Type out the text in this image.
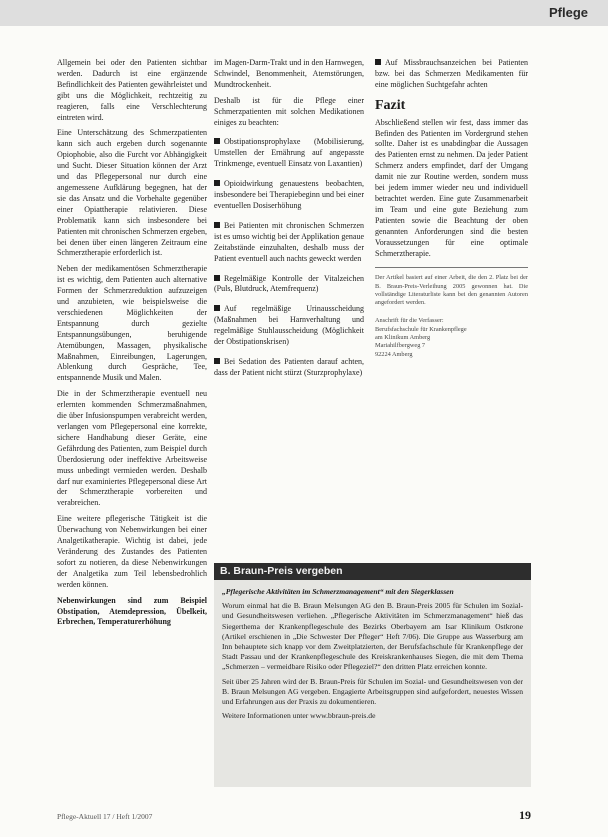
Pflege

Allgemein bei oder den Patienten sichtbar werden. Dadurch ist eine ergänzende Befindlichkeit des Patienten gewährleistet und gibt uns die Möglichkeit, rechtzeitig zu reagieren, falls eine Verschlechterung eintreten wird.

Eine Unterschätzung des Schmerzpatienten kann sich auch ergeben durch sogenannte Opiophobie, also die Furcht vor Abhängigkeit und Sucht. Dieser Situation können der Arzt und das Pflegepersonal nur durch eine angemessene Aufklärung begegnen, hat der sie das Ansatz und die Vorbehalte gegenüber einer Opiattherapie relativieren. Diese Problematik kann sich insbesondere bei Patienten mit chronischen Schmerzen ergeben, bei denen über einen längeren Zeitraum eine Schmerztherapie erforderlich ist.

Neben der medikamentösen Schmerztherapie ist es wichtig, dem Patienten auch alternative Formen der Schmerzreduktion aufzuzeigen und anzubieten, wie beispielsweise die verschiedenen Möglichkeiten der Entspannung durch gezielte Entspannungsübungen, beruhigende Atemübungen, Massagen, physikalische Maßnahmen, Einreibungen, Lagerungen, Ablenkung durch Gespräche, Tee, entspannende Musik und Malen.

Die in der Schmerztherapie eventuell neu erlernten kommenden Schmerzmaßnahmen, die über Infusionspumpen verabreicht werden, verlangen vom Pflegepersonal eine korrekte, sichere Handhabung dieser Geräte, eine Gefährdung des Patienten, zum Beispiel durch Überdosierung oder ineffektive Arbeitsweise muss unbedingt vermieden werden. Deshalb darf nur examiniertes Pflegepersonal diese Art der Schmerztherapie vorbereiten und verabreichen.

Eine weitere pflegerische Tätigkeit ist die Überwachung von Nebenwirkungen bei einer Analgetikatherapie. Wichtig ist dabei, jede Veränderung des Zustandes des Patienten sofort zu notieren, da diese Nebenwirkungen der Analgetika zum Teil lebensbedrohlich werden können.

Nebenwirkungen sind zum Beispiel Obstipation, Atemdepression, Übelkeit, Erbrechen, Temperaturerhöhung

im Magen-Darm-Trakt und in den Harnwegen, Schwindel, Benommenheit, Atemstörungen, Mundtrockenheit.

Deshalb ist für die Pflege einer Schmerzpatienten mit solchen Medikationen einiges zu beachten:

Obstipationsprophylaxe (Mobilisierung, Umstellen der Ernährung auf angepasste Trinkmenge, eventuell Einsatz von Laxantien)

Opioidwirkung genauestens beobachten, insbesondere bei Therapiebeginn und bei einer eventuellen Dosiserhöhung

Bei Patienten mit chronischen Schmerzen ist es umso wichtig bei der Applikation genaue Zeitabstände einzuhalten, deshalb muss der Patient eventuell auch nachts geweckt werden

Regelmäßige Kontrolle der Vitalzeichen (Puls, Blutdruck, Atemfrequenz)

Auf regelmäßige Urinausscheidung (Maßnahmen bei Harnverhaltung und regelmäßige Stuhlausscheidung (Möglichkeit der Obstipationskrisen)

Bei Sedation des Patienten darauf achten, dass der Patient nicht stürzt (Sturzprophylaxe)

Auf Missbrauchsanzeichen bei Patienten bzw. bei das Schmerzen Medikamenten für eine möglichen Suchtgefahr achten

Fazit

Abschließend stellen wir fest, dass immer das Befinden des Patienten im Vordergrund stehen sollte. Daher ist es unabdingbar die Aussagen des Patienten ernst zu nehmen. Da jeder Patient Schmerz anders empfindet, darf der Umgang damit nie zur Routine werden, sondern muss bei jedem immer wieder neu und individuell betrachtet werden. Eine gute Zusammenarbeit im Team und eine gute Beziehung zum Patienten sowie die Beachtung der oben genannten Anforderungen sind die besten Voraussetzungen für eine optimale Schmerztherapie.

Der Artikel basiert auf einer Arbeit, die den 2. Platz bei der B. Braun-Preis-Verleihung 2005 gewonnen hat. Die vollständige Literaturliste kann bei den genannten Autoren angefordert werden.
Anschrift für die Verfasser:
Berufsfachschule für Krankenpflege
am Klinikum Amberg
Mariahilfbergweg 7
92224 Amberg
B. Braun-Preis vergeben

„Pflegerische Aktivitäten im Schmerzmanagement“ mit den Siegerklassen

Worum einmal hat die B. Braun Melsungen AG den B. Braun-Preis 2005 für Schulen im Sozial- und Gesundheitswesen verliehen. „Pflegerische Aktivitäten im Schmerzmanagement“ hieß das Siegerthema der Krankenpflegeschule des Bezirks Oberbayern am Isar Klinikum Ostkrone (Artikel erschienen in „Die Schwester Der Pfleger“ Heft 7/06). Die Gruppe aus Wasserburg am Inn behauptete sich knapp vor dem Zweitplatzierten, der Berufsfachschule für Krankenpflege der Stadt Passau und der Krankenpflegeschule des Kreiskrankenhauses Siegen, die mit dem Thema „Schmerzen – vermeidbare Risiko oder Pflegeziel?“ den dritten Platz erreichen konnte.

Seit über 25 Jahren wird der B. Braun-Preis für Schulen im Sozial- und Gesundheitswesen von der B. Braun Melsungen AG vergeben. Engagierte Arbeitsgruppen sind aufgefordert, neuestes Wissen und Erfahrungen aus der Praxis zu dokumentieren.

Weitere Informationen unter www.bbraun-preis.de

Pflege-Aktuell 17 / Heft 1/2007	19
